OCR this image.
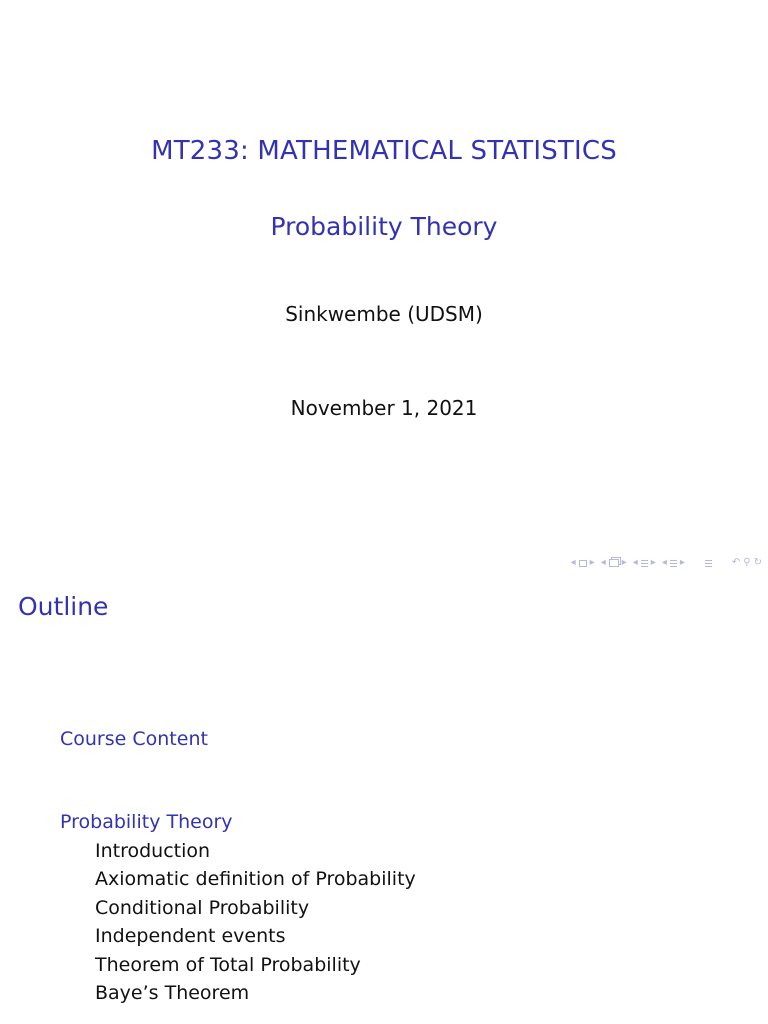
MT233: MATHEMATICAL STATISTICS
Probability Theory
Sinkwembe (UDSM)
November 1, 2021
◂ ▸ ◂ ▸ ◂ ▸ ◂ ▸	↶ ⚲ ↻
Outline
Course Content
Probability Theory
Introduction
Axiomatic definition of Probability
Conditional Probability
Independent events
Theorem of Total Probability
Baye’s Theorem
